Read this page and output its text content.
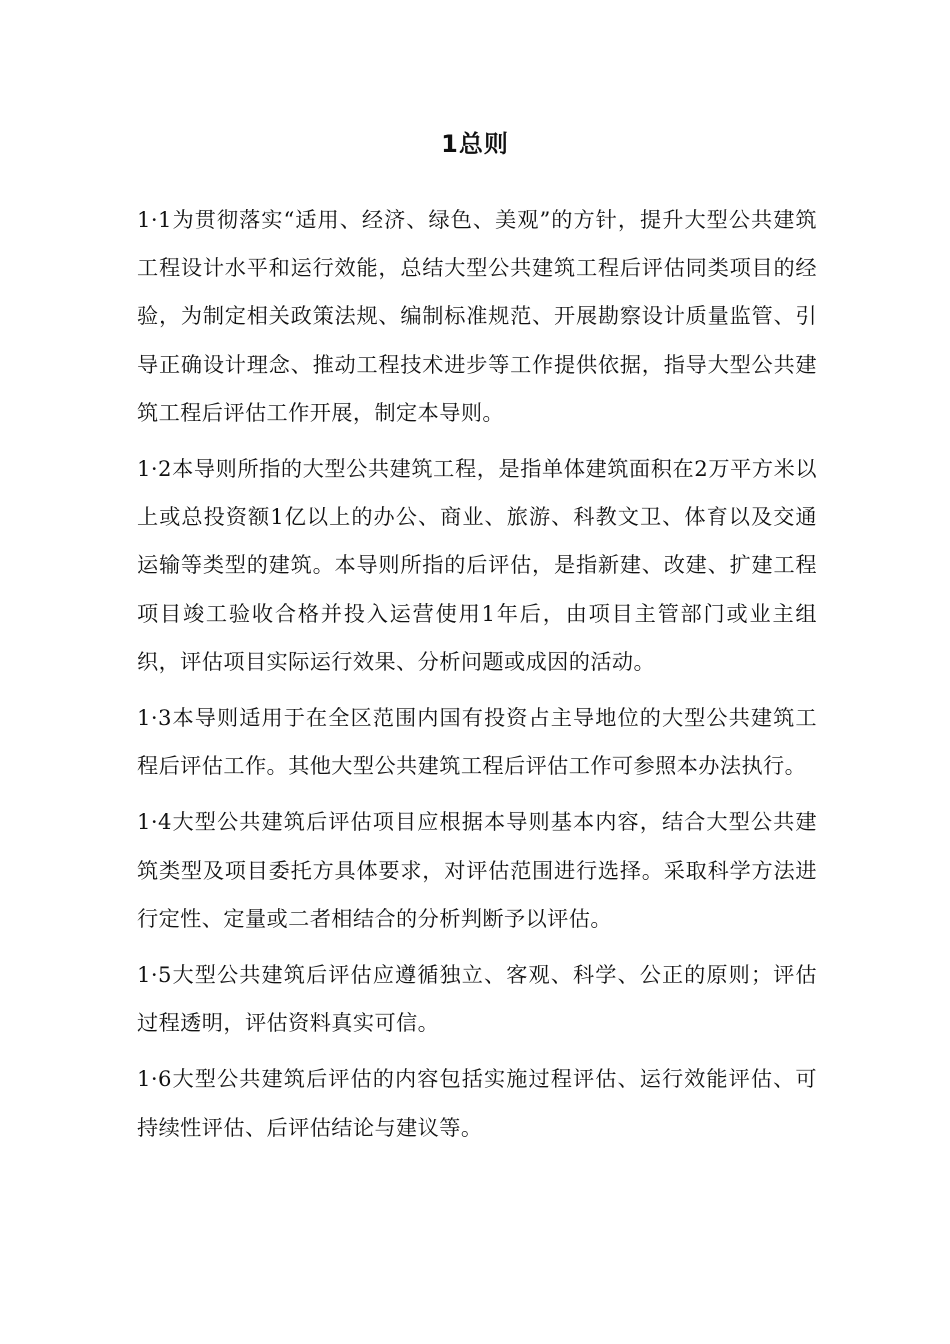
1总则

1·1为贯彻落实“适用、经济、绿色、美观”的方针，提升大型公共建筑工程设计水平和运行效能，总结大型公共建筑工程后评估同类项目的经验，为制定相关政策法规、编制标准规范、开展勘察设计质量监管、引导正确设计理念、推动工程技术进步等工作提供依据，指导大型公共建筑工程后评估工作开展，制定本导则。

1·2本导则所指的大型公共建筑工程，是指单体建筑面积在2万平方米以上或总投资额1亿以上的办公、商业、旅游、科教文卫、体育以及交通运输等类型的建筑。本导则所指的后评估，是指新建、改建、扩建工程项目竣工验收合格并投入运营使用1年后，由项目主管部门或业主组织，评估项目实际运行效果、分析问题或成因的活动。

1·3本导则适用于在全区范围内国有投资占主导地位的大型公共建筑工程后评估工作。其他大型公共建筑工程后评估工作可参照本办法执行。

1·4大型公共建筑后评估项目应根据本导则基本内容，结合大型公共建筑类型及项目委托方具体要求，对评估范围进行选择。采取科学方法进行定性、定量或二者相结合的分析判断予以评估。

1·5大型公共建筑后评估应遵循独立、客观、科学、公正的原则；评估过程透明，评估资料真实可信。

1·6大型公共建筑后评估的内容包括实施过程评估、运行效能评估、可持续性评估、后评估结论与建议等。
